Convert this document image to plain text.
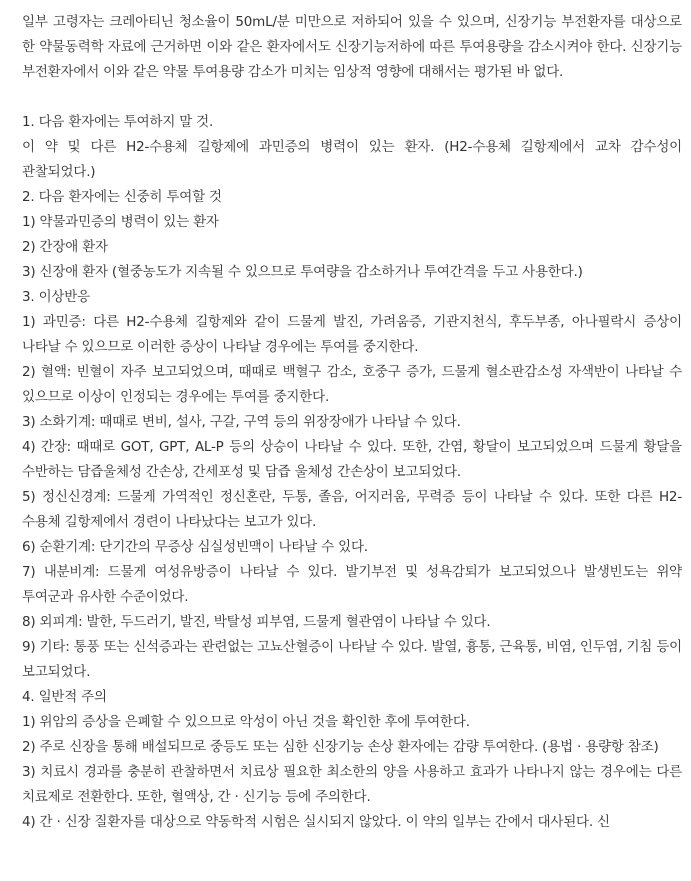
일부 고령자는 크레아티닌 청소율이 50mL/분 미만으로 저하되어 있을 수 있으며, 신장기능 부전환자를 대상으로 한 약물동력학 자료에 근거하면 이와 같은 환자에서도 신장기능저하에 따른 투여용량을 감소시켜야 한다. 신장기능 부전환자에서 이와 같은 약물 투여용량 감소가 미치는 임상적 영향에 대해서는 평가된 바 없다.

1. 다음 환자에는 투여하지 말 것.

이 약 및 다른 H2-수용체 길항제에 과민증의 병력이 있는 환자. (H2-수용체 길항제에서 교차 감수성이 관찰되었다.)

2. 다음 환자에는 신중히 투여할 것

1) 약물과민증의 병력이 있는 환자

2) 간장애 환자

3) 신장애 환자 (혈중농도가 지속될 수 있으므로 투여량을 감소하거나 투여간격을 두고 사용한다.)

3. 이상반응

1) 과민증: 다른 H2-수용체 길항제와 같이 드물게 발진, 가려움증, 기관지천식, 후두부종, 아나필락시 증상이 나타날 수 있으므로 이러한 증상이 나타날 경우에는 투여를 중지한다.

2) 혈액: 빈혈이 자주 보고되었으며, 때때로 백혈구 감소, 호중구 증가, 드물게 혈소판감소성 자색반이 나타날 수 있으므로 이상이 인정되는 경우에는 투여를 중지한다.

3) 소화기계: 때때로 변비, 설사, 구갈, 구역 등의 위장장애가 나타날 수 있다.

4) 간장: 때때로 GOT, GPT, AL-P 등의 상승이 나타날 수 있다. 또한, 간염, 황달이 보고되었으며 드물게 황달을 수반하는 담즙울체성 간손상, 간세포성 및 담즙 울체성 간손상이 보고되었다.

5) 정신신경계: 드물게 가역적인 정신혼란, 두통, 졸음, 어지러움, 무력증 등이 나타날 수 있다. 또한 다른 H2-수용체 길항제에서 경련이 나타났다는 보고가 있다.

6) 순환기계: 단기간의 무증상 심실성빈맥이 나타날 수 있다.

7) 내분비계: 드물게 여성유방증이 나타날 수 있다. 발기부전 및 성욕감퇴가 보고되었으나 발생빈도는 위약 투여군과 유사한 수준이었다.

8) 외피계: 발한, 두드러기, 발진, 박탈성 피부염, 드물게 혈관염이 나타날 수 있다.

9) 기타: 통풍 또는 신석증과는 관련없는 고뇨산혈증이 나타날 수 있다. 발열, 흉통, 근육통, 비염, 인두염, 기침 등이 보고되었다.

4. 일반적 주의

1) 위암의 증상을 은폐할 수 있으므로 악성이 아닌 것을 확인한 후에 투여한다.

2) 주로 신장을 통해 배설되므로 중등도 또는 심한 신장기능 손상 환자에는 감량 투여한다. (용법 · 용량항 참조)

3) 치료시 경과를 충분히 관찰하면서 치료상 필요한 최소한의 양을 사용하고 효과가 나타나지 않는 경우에는 다른 치료제로 전환한다. 또한, 혈액상, 간 · 신기능 등에 주의한다.

4) 간 · 신장 질환자를 대상으로 약동학적 시험은 실시되지 않았다. 이 약의 일부는 간에서 대사된다. 신
